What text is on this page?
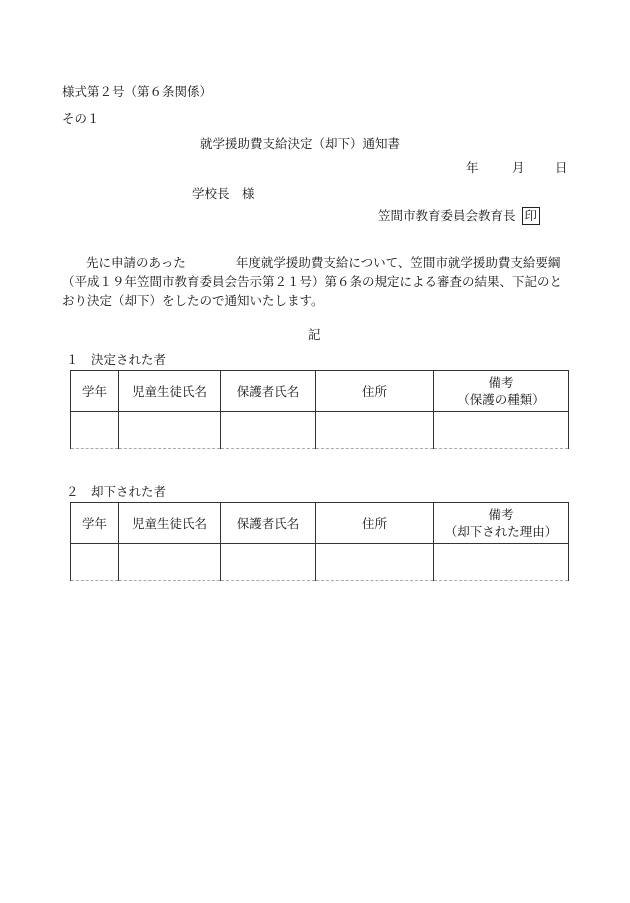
様式第２号（第６条関係）
その１
就学援助費支給決定（却下）通知書
年	月 日
学校長　様
笠間市教育委員会教育長 印
先に申請のあった	年度就学援助費支給について、笠間市就学援助費支給要綱（平成１９年笠間市教育委員会告示第２１号）第６条の規定による審査の結果、下記のとおり決定（却下）をしたので通知いたします。
記
１　決定された者
学年	児童生徒氏名	保護者氏名	住所	備考
（保護の種類）

２　却下された者
学年	児童生徒氏名	保護者氏名	住所	備考
（却下された理由）
